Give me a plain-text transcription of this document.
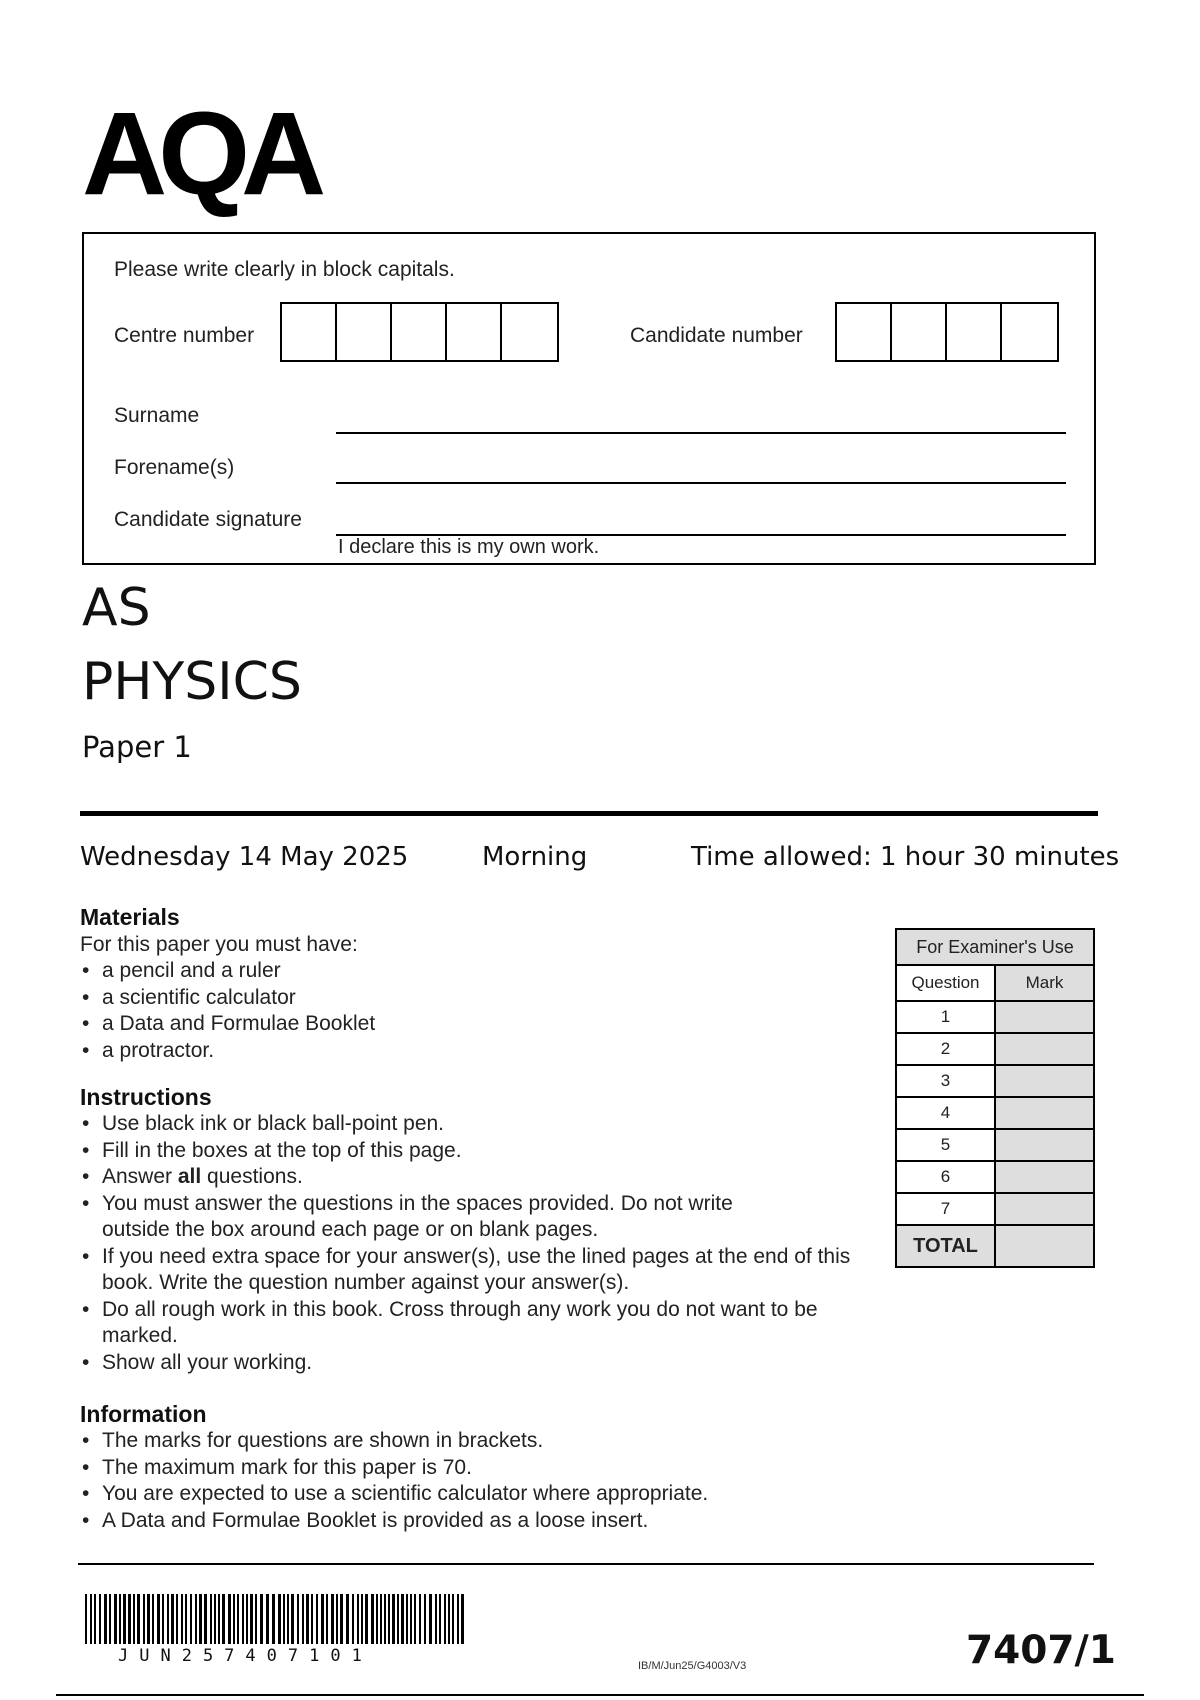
AQA
Please write clearly in block capitals.
Centre number	Candidate number
Surname
Forename(s)
Candidate signature
I declare this is my own work.
AS
PHYSICS
Paper 1
Wednesday 14 May 2025	Morning	Time allowed: 1 hour 30 minutes
Materials

For this paper you must have:

• a pencil and a ruler
• a scientific calculator
• a Data and Formulae Booklet
• a protractor.
Instructions
• Use black ink or black ball-point pen.
• Fill in the boxes at the top of this page.
• Answer all questions.
• You must answer the questions in the spaces provided. Do not write outside the box around each page or on blank pages.
• If you need extra space for your answer(s), use the lined pages at the end of this book. Write the question number against your answer(s).
• Do all rough work in this book. Cross through any work you do not want to be marked.
• Show all your working.
Information
• The marks for questions are shown in brackets.
• The maximum mark for this paper is 70.
• You are expected to use a scientific calculator where appropriate.
• A Data and Formulae Booklet is provided as a loose insert.
For Examiner's Use	
Question	Mark
1	
2	
3	
4	
5	
6	
7	
TOTAL	
JUN257407101	IB/M/Jun25/G4003/V3	7407/1
